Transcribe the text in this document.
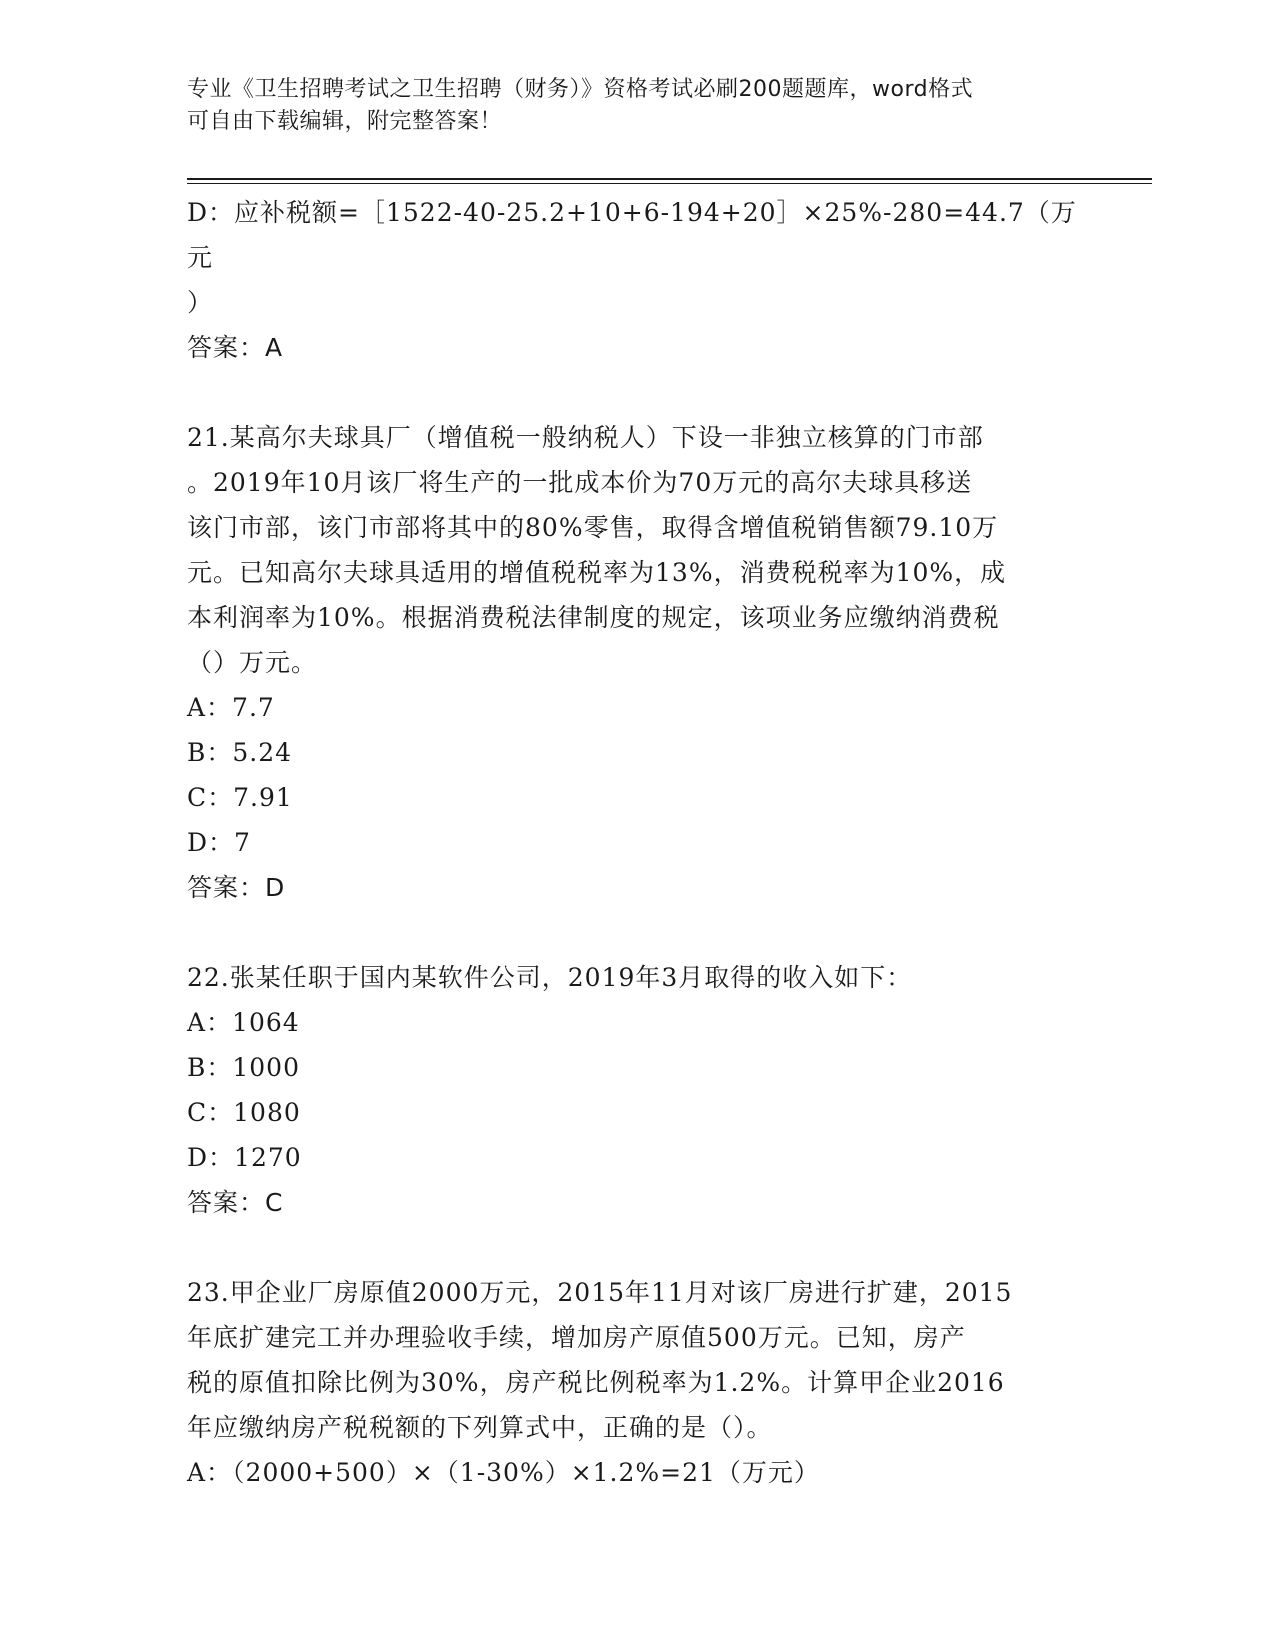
专业《卫生招聘考试之卫生招聘（财务）》资格考试必刷200题题库，word格式
可自由下载编辑，附完整答案！

D：应补税额=［1522-40-25.2+10+6-194+20］×25%-280=44.7（万元

）

答案：A

21.某高尔夫球具厂（增值税一般纳税人）下设一非独立核算的门市部

。2019年10月该厂将生产的一批成本价为70万元的高尔夫球具移送

该门市部，该门市部将其中的80%零售，取得含增值税销售额79.10万

元。已知高尔夫球具适用的增值税税率为13%，消费税税率为10%，成

本利润率为10%。根据消费税法律制度的规定，该项业务应缴纳消费税

（）万元。

A：7.7

B：5.24

C：7.91

D：7

答案：D

22.张某任职于国内某软件公司，2019年3月取得的收入如下：

A：1064

B：1000

C：1080

D：1270

答案：C

23.甲企业厂房原值2000万元，2015年11月对该厂房进行扩建，2015

年底扩建完工并办理验收手续，增加房产原值500万元。已知，房产

税的原值扣除比例为30%，房产税比例税率为1.2%。计算甲企业2016

年应缴纳房产税税额的下列算式中，正确的是（）。

A：（2000+500）×（1-30%）×1.2%=21（万元）
